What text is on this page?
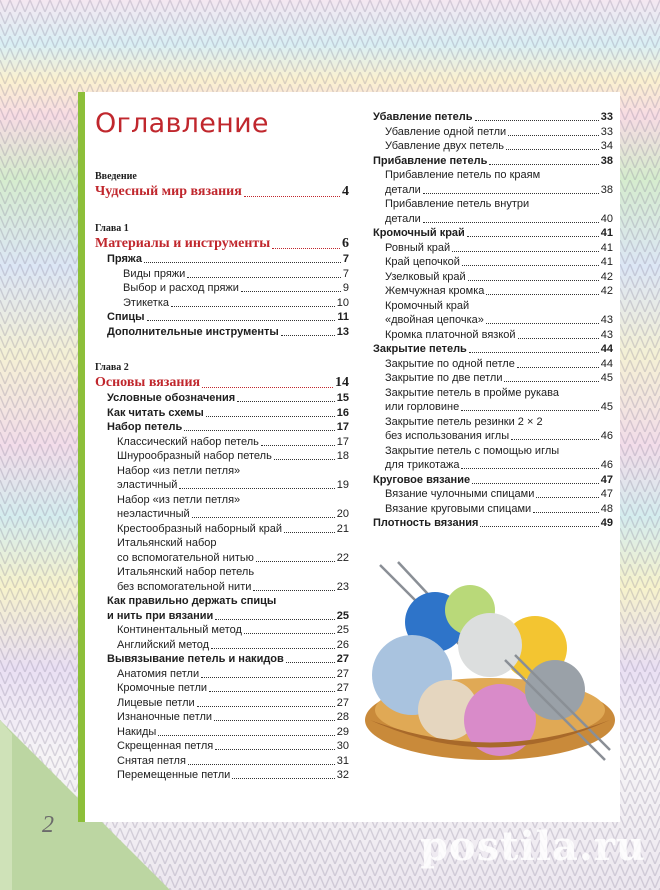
Оглавление
Введение
Чудесный мир вязания	4
Глава 1
Материалы и инструменты	6
Пряжа	7
Виды пряжи	7
Выбор и расход пряжи	9
Этикетка	10
Спицы	11
Дополнительные инструменты	13
Глава 2
Основы вязания	14
Условные обозначения	15
Как читать схемы	16
Набор петель	17
Классический набор петель	17
Шнурообразный набор петель	18
Набор «из петли петля»
эластичный	19
Набор «из петли петля»
неэластичный	20
Крестообразный наборный край	21
Итальянский набор
со вспомогательной нитью	22
Итальянский набор петель
без вспомогательной нити	23
Как правильно держать спицы
и нить при вязании	25
Континентальный метод	25
Английский метод	26
Вывязывание петель и накидов	27
Анатомия петли	27
Кромочные петли	27
Лицевые петли	27
Изнаночные петли	28
Накиды	29
Скрещенная петля	30
Снятая петля	31
Перемещенные петли	32
Убавление петель	33
Убавление одной петли	33
Убавление двух петель	34
Прибавление петель	38
Прибавление петель по краям
детали	38
Прибавление петель внутри
детали	40
Кромочный край	41
Ровный край	41
Край цепочкой	41
Узелковый край	42
Жемчужная кромка	42
Кромочный край
«двойная цепочка»	43
Кромка платочной вязкой	43
Закрытие петель	44
Закрытие по одной петле	44
Закрытие по две петли	45
Закрытие петель в пройме рукава
или горловине	45
Закрытие петель резинки 2 × 2
без использования иглы	46
Закрытие петель с помощью иглы
для трикотажа	46
Круговое вязание	47
Вязание чулочными спицами	47
Вязание круговыми спицами	48
Плотность вязания	49
2	postila.ru
